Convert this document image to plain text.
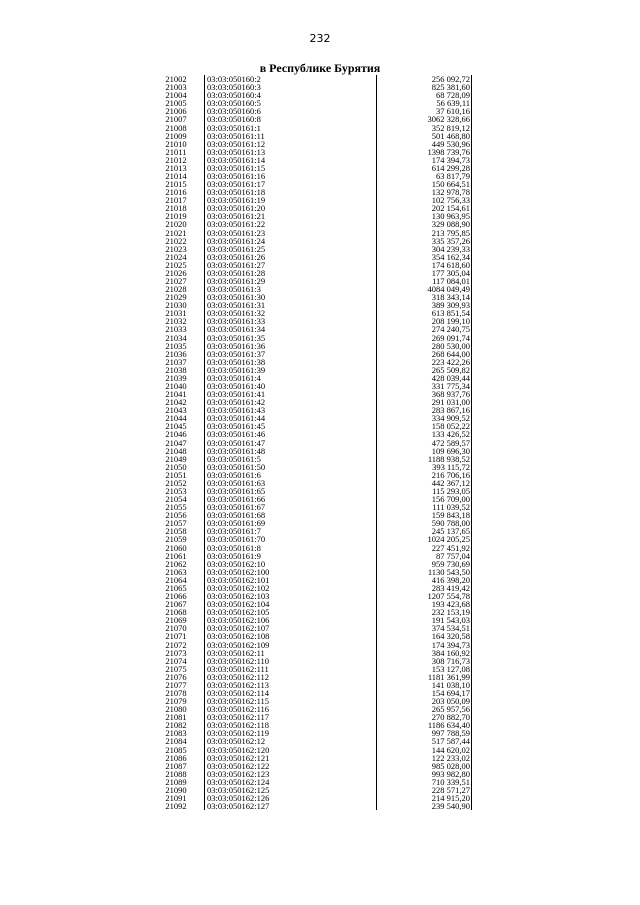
232
в Республике Бурятия
21002	03:03:050160:2	256 092,72
21003	03:03:050160:3	825 381,60
21004	03:03:050160:4	68 728,09
21005	03:03:050160:5	56 639,11
21006	03:03:050160:6	37 610,16
21007	03:03:050160:8	3062 328,66
21008	03:03:050161:1	352 819,12
21009	03:03:050161:11	501 468,80
21010	03:03:050161:12	449 530,96
21011	03:03:050161:13	1398 739,76
21012	03:03:050161:14	174 394,73
21013	03:03:050161:15	614 299,28
21014	03:03:050161:16	63 817,79
21015	03:03:050161:17	150 664,51
21016	03:03:050161:18	132 978,78
21017	03:03:050161:19	102 756,33
21018	03:03:050161:20	202 154,61
21019	03:03:050161:21	130 963,95
21020	03:03:050161:22	329 088,90
21021	03:03:050161:23	213 795,85
21022	03:03:050161:24	335 357,26
21023	03:03:050161:25	304 239,33
21024	03:03:050161:26	354 162,34
21025	03:03:050161:27	174 618,60
21026	03:03:050161:28	177 305,04
21027	03:03:050161:29	117 084,01
21028	03:03:050161:3	4084 049,49
21029	03:03:050161:30	318 343,14
21030	03:03:050161:31	389 309,93
21031	03:03:050161:32	613 851,54
21032	03:03:050161:33	208 199,10
21033	03:03:050161:34	274 240,75
21034	03:03:050161:35	269 091,74
21035	03:03:050161:36	280 530,00
21036	03:03:050161:37	268 644,00
21037	03:03:050161:38	223 422,26
21038	03:03:050161:39	265 509,82
21039	03:03:050161:4	428 039,44
21040	03:03:050161:40	331 775,34
21041	03:03:050161:41	368 937,76
21042	03:03:050161:42	291 031,00
21043	03:03:050161:43	283 867,16
21044	03:03:050161:44	334 909,52
21045	03:03:050161:45	158 052,22
21046	03:03:050161:46	133 426,52
21047	03:03:050161:47	472 589,57
21048	03:03:050161:48	109 696,30
21049	03:03:050161:5	1188 938,52
21050	03:03:050161:50	393 115,72
21051	03:03:050161:6	216 706,16
21052	03:03:050161:63	442 367,12
21053	03:03:050161:65	115 293,05
21054	03:03:050161:66	156 709,00
21055	03:03:050161:67	111 039,52
21056	03:03:050161:68	159 843,18
21057	03:03:050161:69	590 788,00
21058	03:03:050161:7	245 137,65
21059	03:03:050161:70	1024 205,25
21060	03:03:050161:8	227 451,92
21061	03:03:050161:9	87 757,04
21062	03:03:050162:10	959 730,69
21063	03:03:050162:100	1130 543,50
21064	03:03:050162:101	416 398,20
21065	03:03:050162:102	283 419,42
21066	03:03:050162:103	1207 554,78
21067	03:03:050162:104	193 423,68
21068	03:03:050162:105	232 153,19
21069	03:03:050162:106	191 543,03
21070	03:03:050162:107	374 534,51
21071	03:03:050162:108	164 320,58
21072	03:03:050162:109	174 394,73
21073	03:03:050162:11	384 160,92
21074	03:03:050162:110	308 716,73
21075	03:03:050162:111	153 127,08
21076	03:03:050162:112	1181 361,99
21077	03:03:050162:113	141 038,10
21078	03:03:050162:114	154 694,17
21079	03:03:050162:115	203 050,09
21080	03:03:050162:116	265 957,56
21081	03:03:050162:117	270 882,70
21082	03:03:050162:118	1186 634,40
21083	03:03:050162:119	997 788,59
21084	03:03:050162:12	517 587,44
21085	03:03:050162:120	144 620,02
21086	03:03:050162:121	122 233,02
21087	03:03:050162:122	985 028,00
21088	03:03:050162:123	993 982,80
21089	03:03:050162:124	710 339,51
21090	03:03:050162:125	228 571,27
21091	03:03:050162:126	214 915,20
21092	03:03:050162:127	239 540,90
